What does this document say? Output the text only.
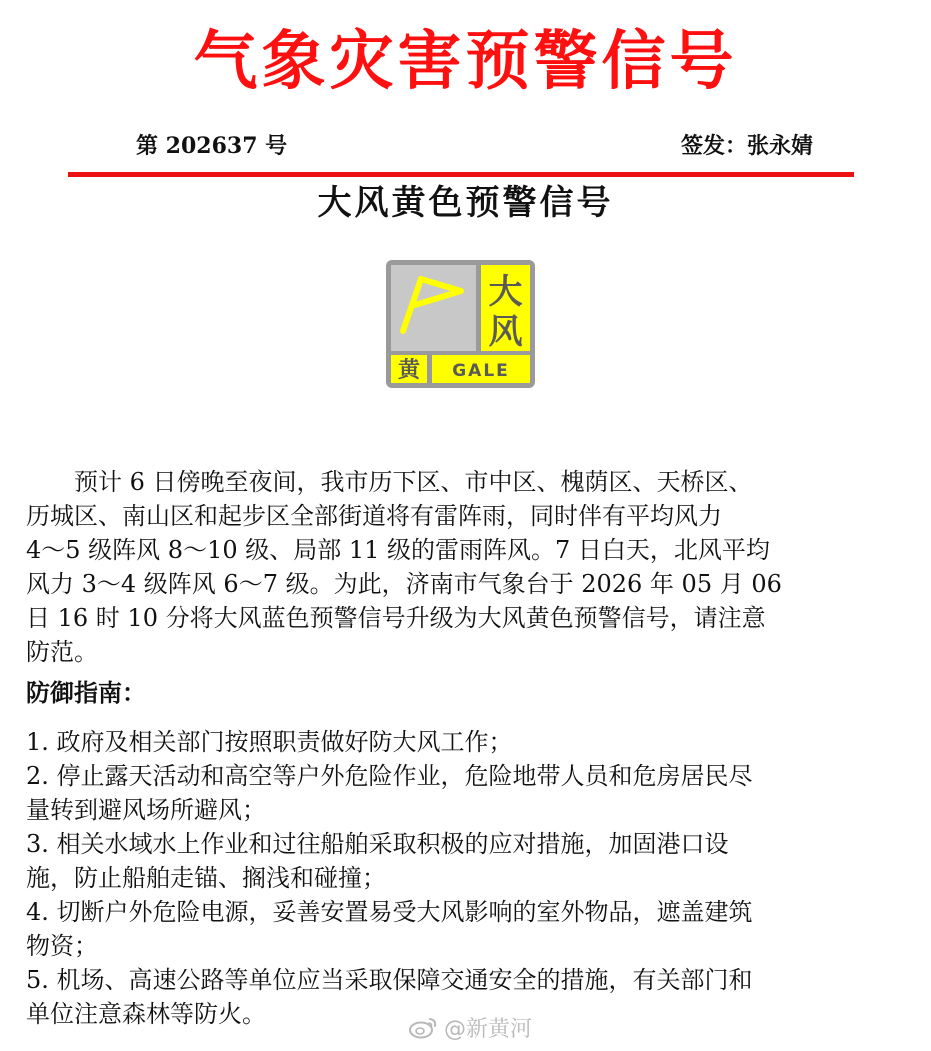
气象灾害预警信号
第 202637 号	签发：张永婧
大风黄色预警信号
大
风
黄 GALE
　　预计 6 日傍晚至夜间，我市历下区、市中区、槐荫区、天桥区、
历城区、南山区和起步区全部街道将有雷阵雨，同时伴有平均风力
4～5 级阵风 8～10 级、局部 11 级的雷雨阵风。7 日白天，北风平均
风力 3～4 级阵风 6～7 级。为此，济南市气象台于 2026 年 05 月 06
日 16 时 10 分将大风蓝色预警信号升级为大风黄色预警信号，请注意
防范。
防御指南：
1. 政府及相关部门按照职责做好防大风工作；
2. 停止露天活动和高空等户外危险作业，危险地带人员和危房居民尽
量转到避风场所避风；
3. 相关水域水上作业和过往船舶采取积极的应对措施，加固港口设
施，防止船舶走锚、搁浅和碰撞；
4. 切断户外危险电源，妥善安置易受大风影响的室外物品，遮盖建筑
物资；
5. 机场、高速公路等单位应当采取保障交通安全的措施，有关部门和
单位注意森林等防火。
@新黄河
